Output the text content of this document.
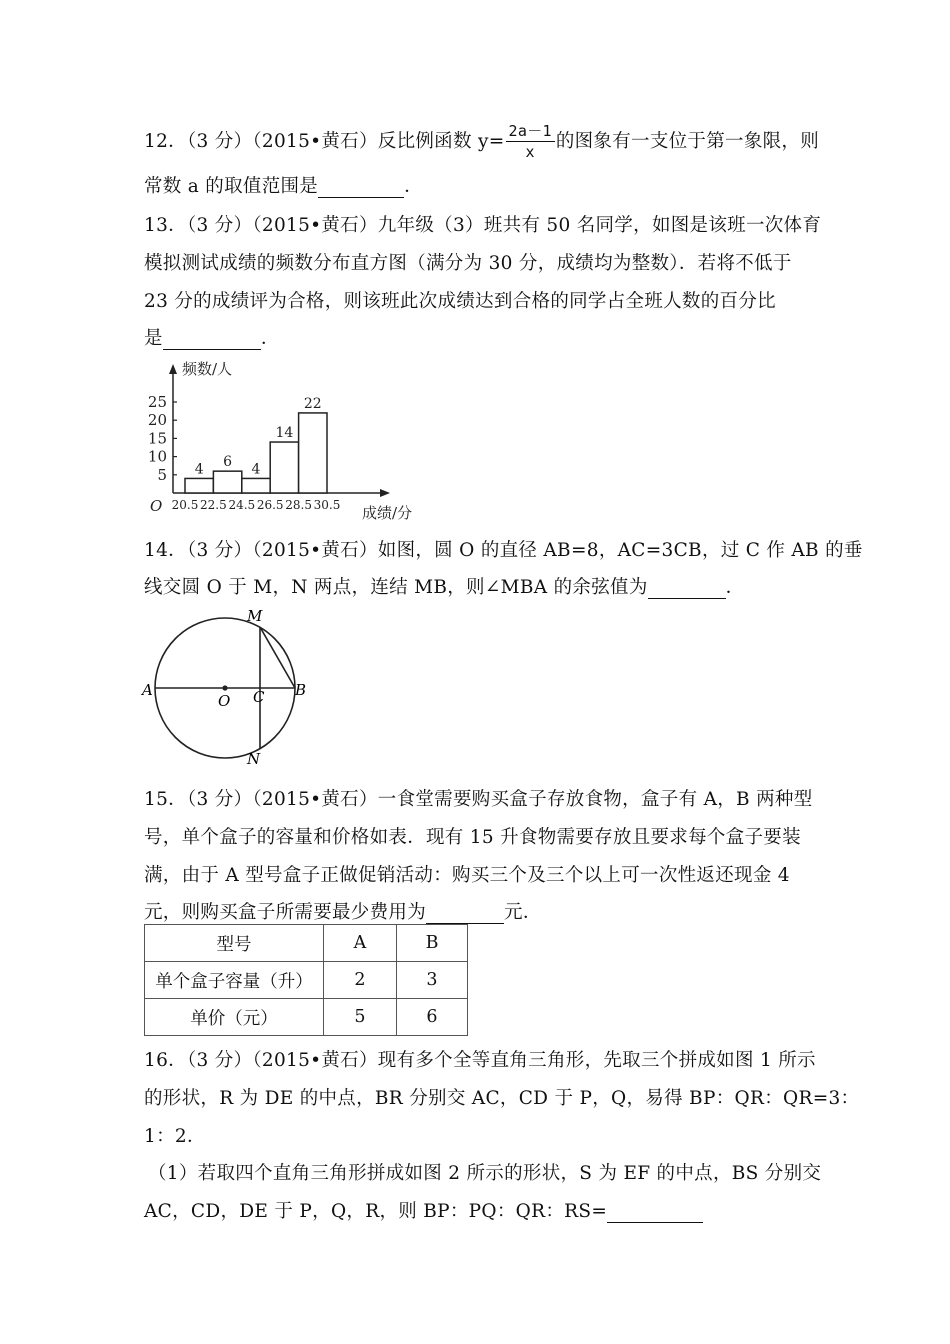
12．（3 分）（2015•黄石）反比例函数 $y= \frac{2a-1}{x}$ 的图象有一支位于第一象限，则
常数 a 的取值范围是	．
13．（3 分）（2015•黄石）九年级（3）班共有 50 名同学，如图是该班一次体育
模拟测试成绩的频数分布直方图（满分为 30 分，成绩均为整数）．若将不低于
23 分的成绩评为合格，则该班此次成绩达到合格的同学占全班人数的百分比
是	．
5
10
15
20
25
4 6 4
14
22
20.5 22.5 24.5 26.5 28.5 30.5
O
频数/人
成绩/分
14．（3 分）（2015•黄石）如图，圆 O 的直径 AB=8，AC=3CB，过 C 作 AB 的垂
线交圆 O 于 M，N 两点，连结 MB，则∠MBA 的余弦值为	．
A	B
O C
M
N
15．（3 分）（2015•黄石）一食堂需要购买盒子存放食物，盒子有 A，B 两种型
号，单个盒子的容量和价格如表．现有 15 升食物需要存放且要求每个盒子要装
满，由于 A 型号盒子正做促销活动：购买三个及三个以上可一次性返还现金 4
元，则购买盒子所需要最少费用为	元．
型号	A	B
单个盒子容量（升）	2	3
单价（元）	5	6
16．（3 分）（2015•黄石）现有多个全等直角三角形，先取三个拼成如图 1 所示
的形状，R 为 DE 的中点，BR 分别交 AC，CD 于 P，Q，易得 BP：QR：QR=3：
1：2．
（1）若取四个直角三角形拼成如图 2 所示的形状，S 为 EF 的中点，BS 分别交
AC，CD，DE 于 P，Q，R，则 BP：PQ：QR：RS=
